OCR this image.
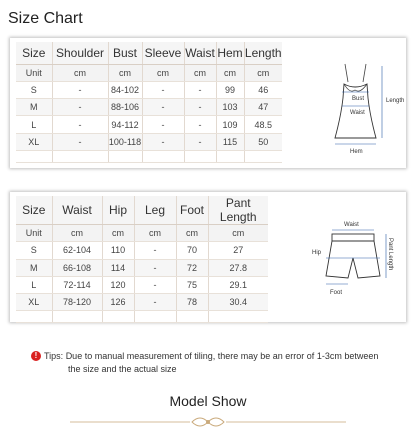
Size Chart
Size	Shoulder	Bust	Sleeve	Waist	Hem	Length
Unit	cm	cm	cm	cm	cm	cm
S	-	84-102	-	-	99	46
M	-	88-106	-	-	103	47
L	-	94-112	-	-	109	48.5
XL	-	100-118	-	-	115	50

Bust
Waist
Hem
Length
Size	Waist	Hip	Leg	Foot	Pant Length
Unit	cm	cm	cm	cm	cm
S	62-104	110	-	70	27
M	66-108	114	-	72	27.8
L	72-114	120	-	75	29.1
XL	78-120	126	-	78	30.4

Waist
Hip
Foot
Pant Length
! Tips: Due to manual measurement of tiling, there may be an error of 1-3cm between
the size and the actual size
Model Show
